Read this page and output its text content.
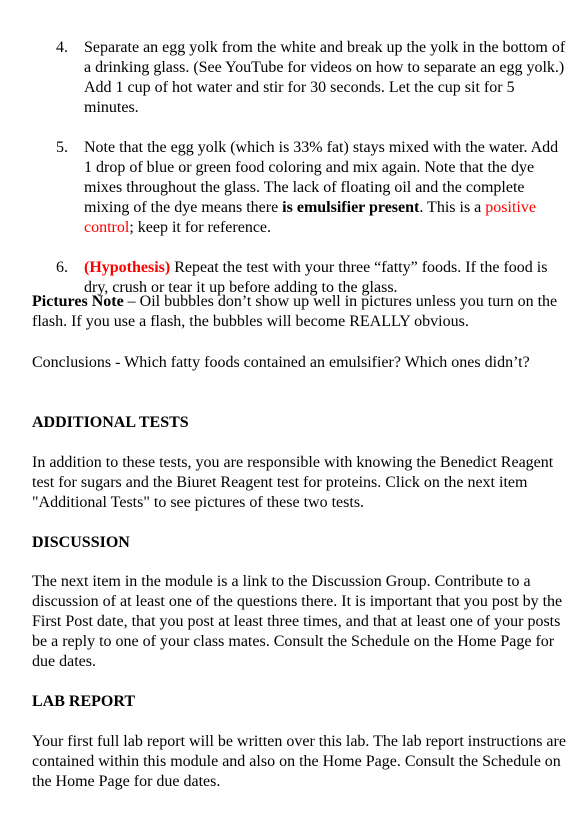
4. Separate an egg yolk from the white and break up the yolk in the bottom of a drinking glass. (See YouTube for videos on how to separate an egg yolk.) Add 1 cup of hot water and stir for 30 seconds. Let the cup sit for 5 minutes.
5. Note that the egg yolk (which is 33% fat) stays mixed with the water. Add 1 drop of blue or green food coloring and mix again. Note that the dye mixes throughout the glass. The lack of floating oil and the complete mixing of the dye means there is emulsifier present. This is a positive control; keep it for reference.
6. (Hypothesis) Repeat the test with your three “fatty” foods. If the food is dry, crush or tear it up before adding to the glass.
Pictures Note – Oil bubbles don’t show up well in pictures unless you turn on the flash. If you use a flash, the bubbles will become REALLY obvious.
Conclusions - Which fatty foods contained an emulsifier? Which ones didn’t?
ADDITIONAL TESTS
In addition to these tests, you are responsible with knowing the Benedict Reagent test for sugars and the Biuret Reagent test for proteins. Click on the next item "Additional Tests" to see pictures of these two tests.
DISCUSSION
The next item in the module is a link to the Discussion Group. Contribute to a discussion of at least one of the questions there. It is important that you post by the First Post date, that you post at least three times, and that at least one of your posts be a reply to one of your class mates. Consult the Schedule on the Home Page for due dates.
LAB REPORT
Your first full lab report will be written over this lab. The lab report instructions are contained within this module and also on the Home Page. Consult the Schedule on the Home Page for due dates.
